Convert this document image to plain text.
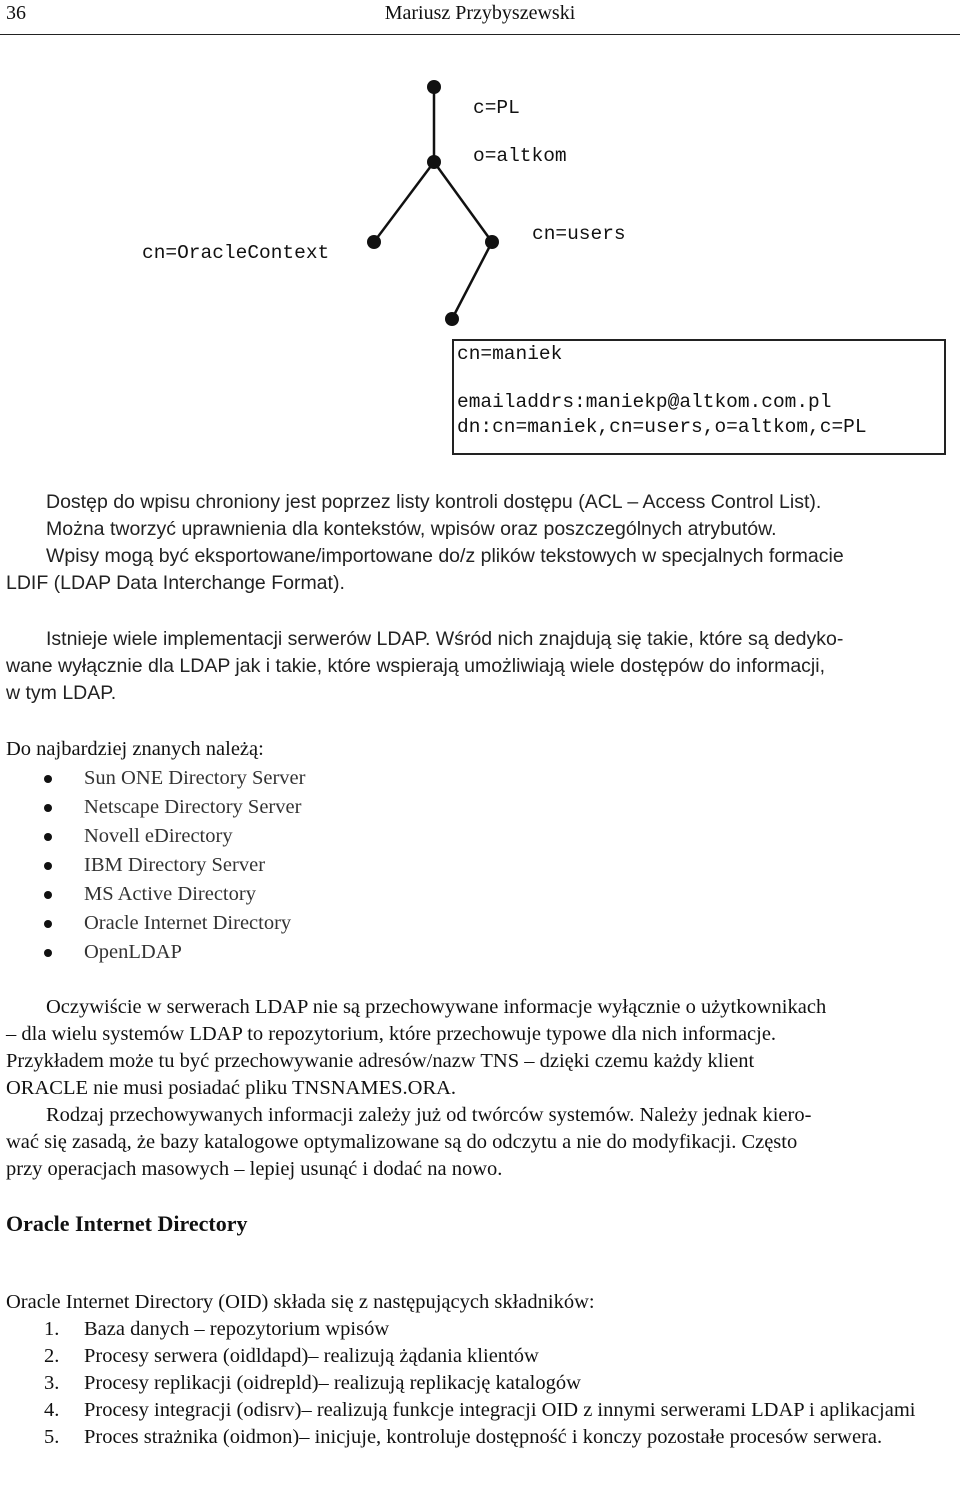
36	Mariusz Przybyszewski
c=PL
o=altkom
cn=OracleContext
cn=users
cn=maniek
emailaddrs:maniekp@altkom.com.pl
dn:cn=maniek,cn=users,o=altkom,c=PL
Dostęp do wpisu chroniony jest poprzez listy kontroli dostępu (ACL – Access Control List).
Można tworzyć uprawnienia dla kontekstów, wpisów oraz poszczególnych atrybutów.
Wpisy mogą być eksportowane/importowane do/z plików tekstowych w specjalnych formacie
LDIF (LDAP Data Interchange Format).
Istnieje wiele implementacji serwerów LDAP. Wśród nich znajdują się takie, które są dedyko-
wane wyłącznie dla LDAP jak i takie, które wspierają umożliwiają wiele dostępów do informacji,
w tym LDAP.

Do najbardziej znanych należą:

Sun ONE Directory Server
Netscape Directory Server
Novell eDirectory
IBM Directory Server
MS Active Directory
Oracle Internet Directory
OpenLDAP
Oczywiście w serwerach LDAP nie są przechowywane informacje wyłącznie o użytkownikach
– dla wielu systemów LDAP to repozytorium, które przechowuje typowe dla nich informacje.
Przykładem może tu być przechowywanie adresów/nazw TNS – dzięki czemu każdy klient
ORACLE nie musi posiadać pliku TNSNAMES.ORA.
Rodzaj przechowywanych informacji zależy już od twórców systemów. Należy jednak kiero-
wać się zasadą, że bazy katalogowe optymalizowane są do odczytu a nie do modyfikacji. Często
przy operacjach masowych – lepiej usunąć i dodać na nowo.
Oracle Internet Directory

Oracle Internet Directory (OID) składa się z następujących składników:

1. Baza danych – repozytorium wpisów
2. Procesy serwera (oidldapd)– realizują żądania klientów
3. Procesy replikacji (oidrepld)– realizują replikację katalogów
4. Procesy integracji (odisrv)– realizują funkcje integracji OID z innymi serwerami LDAP i aplikacjami
5. Proces strażnika (oidmon)– inicjuje, kontroluje dostępność i konczy pozostałe procesów serwera.
